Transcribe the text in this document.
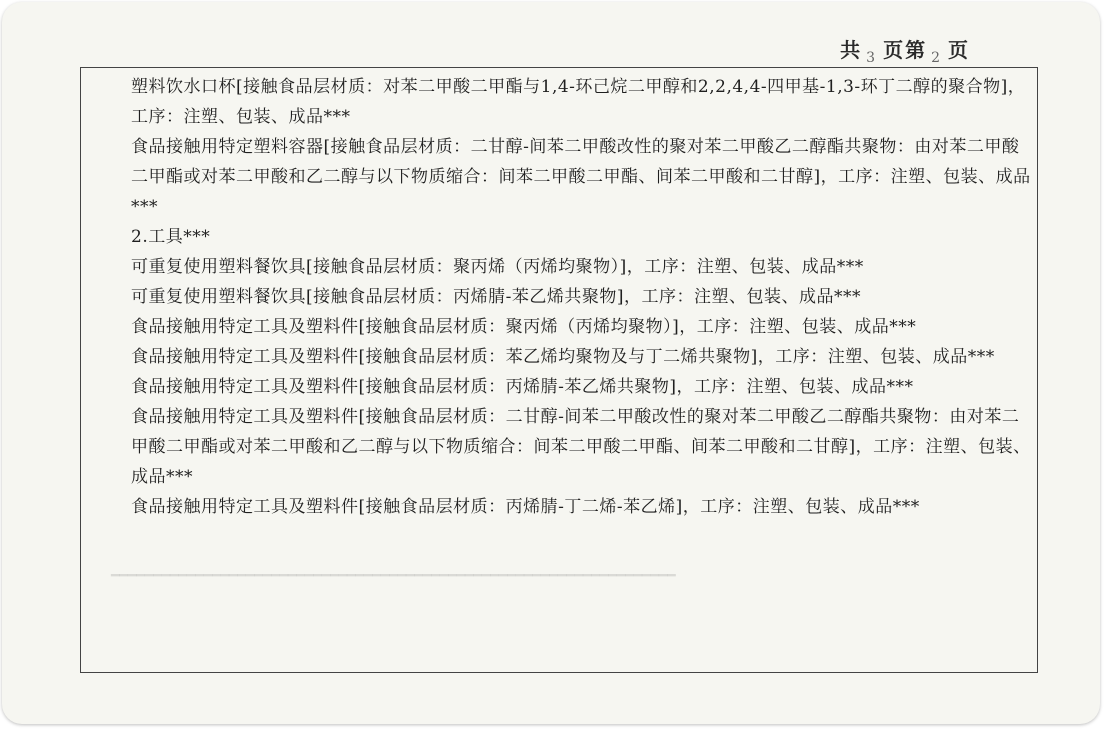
共 $_3$ 页第 $_2$ 页
━━━━━━━━━━━━━━━━━━━━━━━━━━━━━━━━━━━━━━━━━━━━━━━━━━━━━━━━━━━━━━━━━━━

塑料饮水口杯[接触食品层材质：对苯二甲酸二甲酯与1,4-环己烷二甲醇和2,2,4,4-四甲基-1,3-环丁二醇的聚合物]，工序：注塑、包装、成品***

食品接触用特定塑料容器[接触食品层材质：二甘醇-间苯二甲酸改性的聚对苯二甲酸乙二醇酯共聚物：由对苯二甲酸二甲酯或对苯二甲酸和乙二醇与以下物质缩合：间苯二甲酸二甲酯、间苯二甲酸和二甘醇]，工序：注塑、包装、成品***

2.工具***

可重复使用塑料餐饮具[接触食品层材质：聚丙烯（丙烯均聚物）]，工序：注塑、包装、成品***

可重复使用塑料餐饮具[接触食品层材质：丙烯腈-苯乙烯共聚物]，工序：注塑、包装、成品***

食品接触用特定工具及塑料件[接触食品层材质：聚丙烯（丙烯均聚物）]，工序：注塑、包装、成品***

食品接触用特定工具及塑料件[接触食品层材质：苯乙烯均聚物及与丁二烯共聚物]，工序：注塑、包装、成品***

食品接触用特定工具及塑料件[接触食品层材质：丙烯腈-苯乙烯共聚物]，工序：注塑、包装、成品***

食品接触用特定工具及塑料件[接触食品层材质：二甘醇-间苯二甲酸改性的聚对苯二甲酸乙二醇酯共聚物：由对苯二甲酸二甲酯或对苯二甲酸和乙二醇与以下物质缩合：间苯二甲酸二甲酯、间苯二甲酸和二甘醇]，工序：注塑、包装、成品***

食品接触用特定工具及塑料件[接触食品层材质：丙烯腈-丁二烯-苯乙烯]，工序：注塑、包装、成品***
